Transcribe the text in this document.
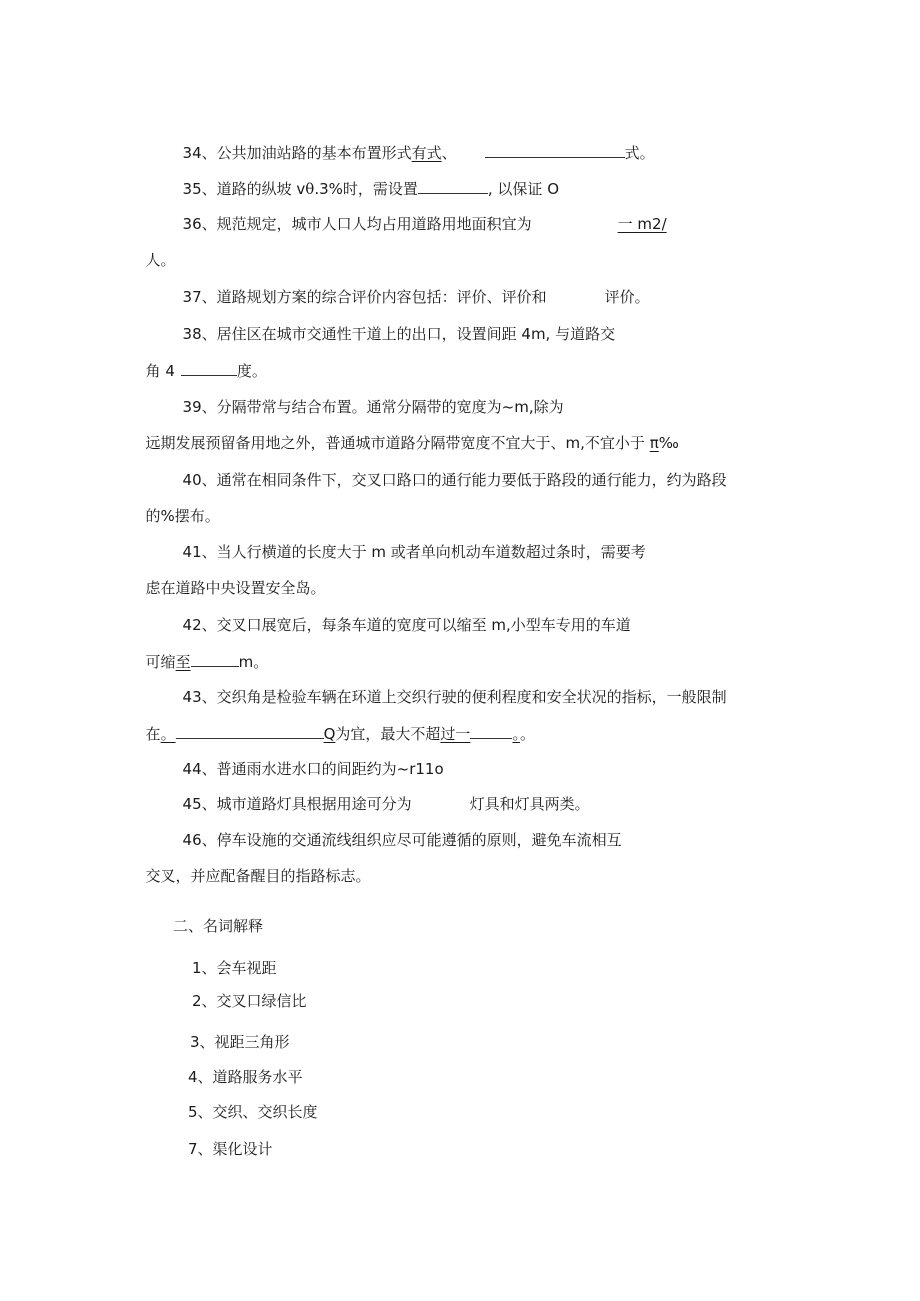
34、公共加油站路的基本布置形式有式、	式。

35、道路的纵坡 vθ.3%时，需设置	, 以保证 O

36、规范规定，城市人口人均占用道路用地面积宜为	一 m2/

人。

37、道路规划方案的综合评价内容包括：评价、评价和	评价。

38、居住区在城市交通性干道上的出口，设置间距 4m, 与道路交

角 4	度。

39、分隔带常与结合布置。通常分隔带的宽度为~m,除为

远期发展预留备用地之外，普通城市道路分隔带宽度不宜大于、m,不宜小于 π‰

40、通常在相同条件下，交叉口路口的通行能力要低于路段的通行能力，约为路段

的%摆布。

41、当人行横道的长度大于 m 或者单向机动车道数超过条时，需要考

虑在道路中央设置安全岛。

42、交叉口展宽后，每条车道的宽度可以缩至 m,小型车专用的车道

可缩至	m。

43、交织角是检验车辆在环道上交织行驶的便利程度和安全状况的指标，一般限制

在。	Q为宜，最大不超过一	。。

44、普通雨水进水口的间距约为~r11o

45、城市道路灯具根据用途可分为	灯具和灯具两类。

46、停车设施的交通流线组织应尽可能遵循的原则，避免车流相互

交叉，并应配备醒目的指路标志。

二、名词解释
1、会车视距
2、交叉口绿信比
3、视距三角形
4、道路服务水平
5、交织、交织长度
7、渠化设计
